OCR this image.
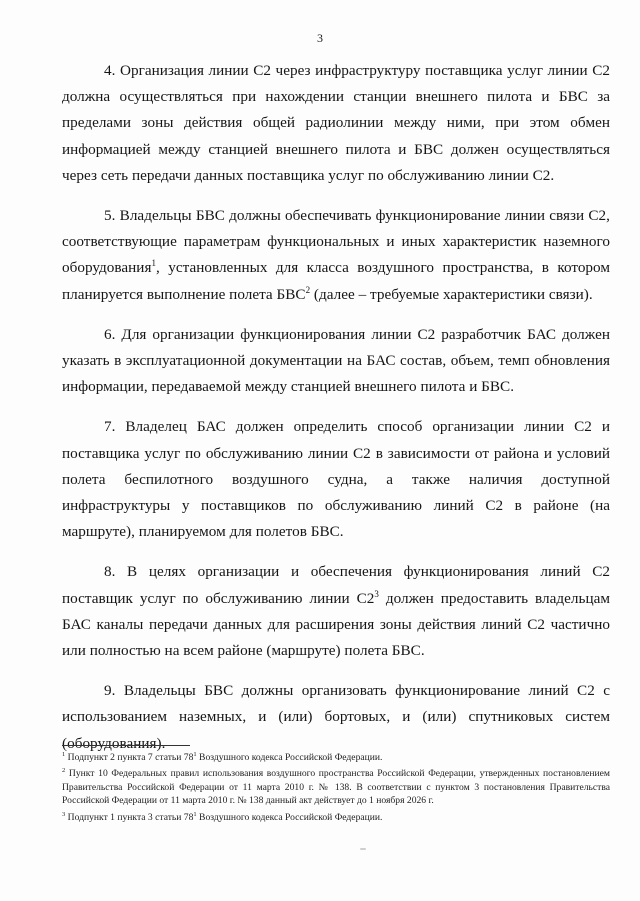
3

4. Организация линии С2 через инфраструктуру поставщика услуг линии С2 должна осуществляться при нахождении станции внешнего пилота и БВС за пределами зоны действия общей радиолинии между ними, при этом обмен информацией между станцией внешнего пилота и БВС должен осуществляться через сеть передачи данных поставщика услуг по обслуживанию линии С2.

5. Владельцы БВС должны обеспечивать функционирование линии связи С2, соответствующие параметрам функциональных и иных характеристик наземного оборудования$^1$, установленных для класса воздушного пространства, в котором планируется выполнение полета БВС$^2$ (далее – требуемые характеристики связи).

6. Для организации функционирования линии С2 разработчик БАС должен указать в эксплуатационной документации на БАС состав, объем, темп обновления информации, передаваемой между станцией внешнего пилота и БВС.

7. Владелец БАС должен определить способ организации линии С2 и поставщика услуг по обслуживанию линии С2 в зависимости от района и условий полета беспилотного воздушного судна, а также наличия доступной инфраструктуры у поставщиков по обслуживанию линий С2 в районе (на маршруте), планируемом для полетов БВС.

8. В целях организации и обеспечения функционирования линий С2 поставщик услуг по обслуживанию линии $С2^3$ должен предоставить владельцам БАС каналы передачи данных для расширения зоны действия линий С2 частично или полностью на всем районе (маршруте) полета БВС.

9. Владельцы БВС должны организовать функционирование линий С2 с использованием наземных, и (или) бортовых, и (или) спутниковых систем (оборудования).

$^1$ Подпункт 2 пункта 7 статьи $78^1$ Воздушного кодекса Российской Федерации.

$^2$ Пункт 10 Федеральных правил использования воздушного пространства Российской Федерации, утвержденных постановлением Правительства Российской Федерации от 11 марта 2010 г. № 138. В соответствии с пунктом 3 постановления Правительства Российской Федерации от 11 марта 2010 г. № 138 данный акт действует до 1 ноября 2026 г.

$^3$ Подпункт 1 пункта 3 статьи $78^1$ Воздушного кодекса Российской Федерации.
